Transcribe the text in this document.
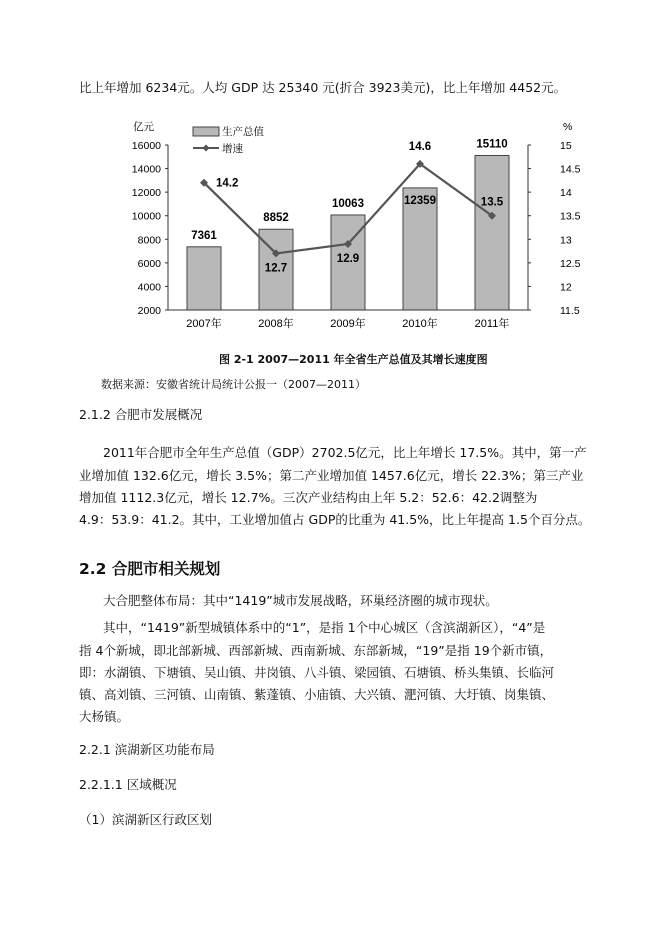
比上年增加 6234元。人均 GDP 达 25340 元(折合 3923美元)，比上年增加 4452元。
7361
8852
10063	12359
15110
14.2
12.7
12.9
14.6
13.5
2000
4000
6000
8000
10000
12000
14000
16000
11.5
12
12.5
13
13.5
14
14.5
15
2007年	2008年	2009年	2010年	2011年
生产总值
增速
亿元	%
图 2-1 2007—2011 年全省生产总值及其增长速度图
数据来源：安徽省统计局统计公报一（2007—2011）
2.1.2 合肥市发展概况
2011年合肥市全年生产总值（GDP）2702.5亿元，比上年增长 17.5%。其中，第一产
业增加值 132.6亿元，增长 3.5%；第二产业增加值 1457.6亿元，增长 22.3%；第三产业
增加值 1112.3亿元，增长 12.7%。三次产业结构由上年 5.2：52.6：42.2调整为
4.9：53.9：41.2。其中，工业增加值占 GDP的比重为 41.5%，比上年提高 1.5个百分点。
2.2 合肥市相关规划
大合肥整体布局：其中“1419”城市发展战略，环巢经济圈的城市现状。
其中，“1419”新型城镇体系中的“1”，是指 1个中心城区（含滨湖新区），“4”是
指 4个新城，即北部新城、西部新城、西南新城、东部新城，“19”是指 19个新市镇，
即：水湖镇、下塘镇、吴山镇、井岗镇、八斗镇、梁园镇、石塘镇、桥头集镇、长临河
镇、高刘镇、三河镇、山南镇、紫蓬镇、小庙镇、大兴镇、淝河镇、大圩镇、岗集镇、
大杨镇。
2.2.1 滨湖新区功能布局
2.2.1.1 区域概况
（1）滨湖新区行政区划
